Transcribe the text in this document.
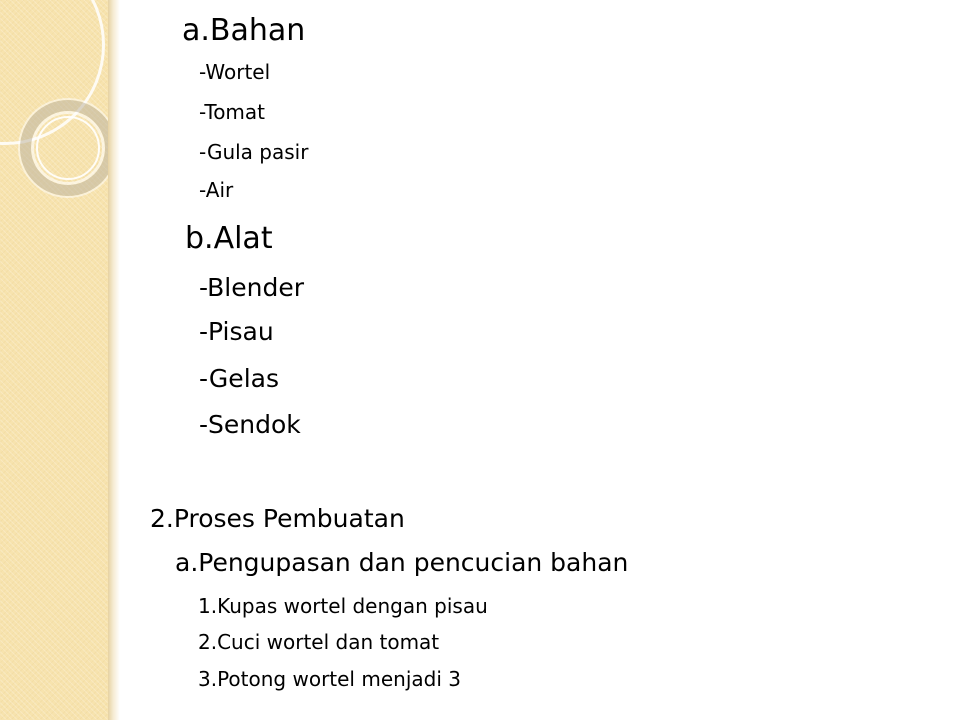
a.Bahan
-Wortel
-Tomat
-Gula pasir
-Air
b.Alat
-Blender
-Pisau
-Gelas
-Sendok
2.Proses Pembuatan
a.Pengupasan dan pencucian bahan
1.Kupas wortel dengan pisau
2.Cuci wortel dan tomat
3.Potong wortel menjadi 3
